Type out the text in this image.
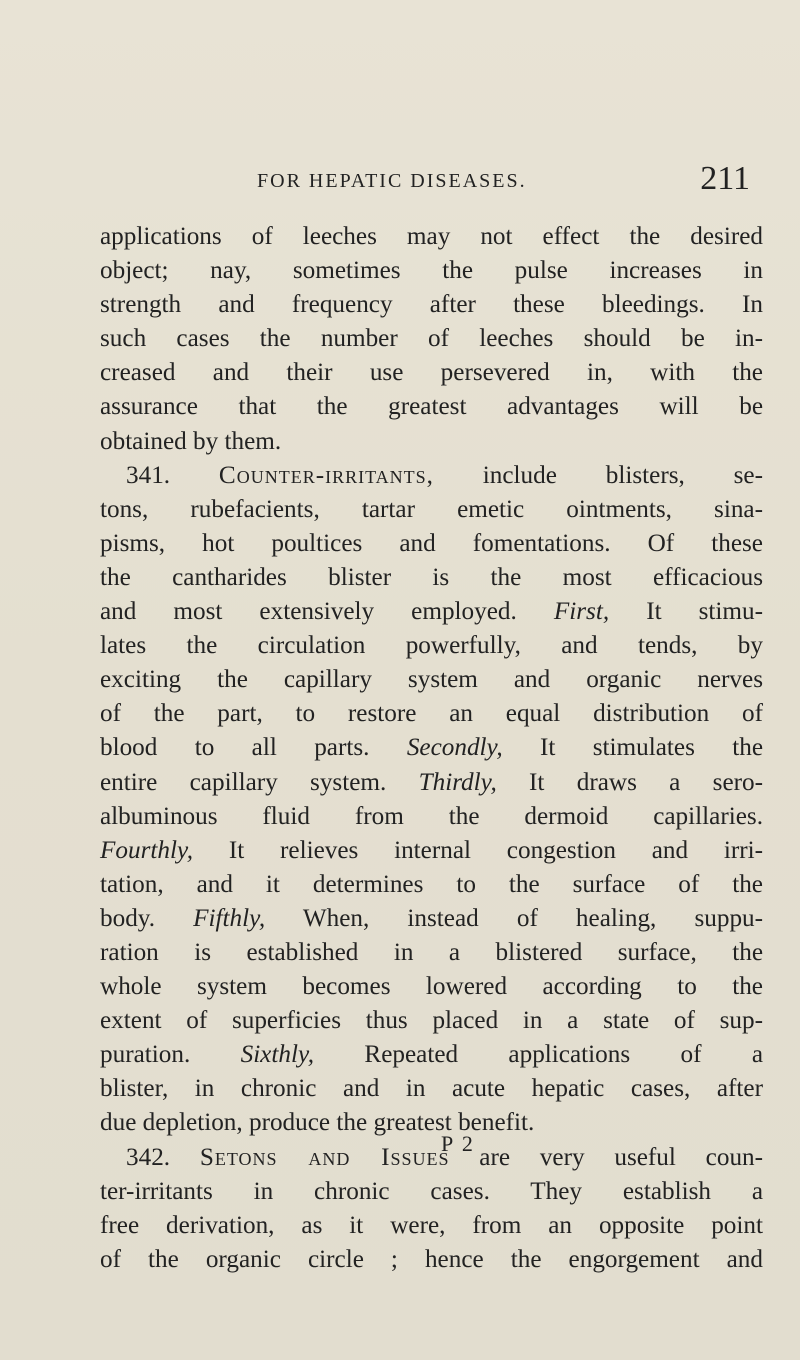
FOR HEPATIC DISEASES.	211
applications of leeches may not effect the desired
object; nay, sometimes the pulse increases in
strength and frequency after these bleedings. In
such cases the number of leeches should be in-
creased and their use persevered in, with the
assurance that the greatest advantages will be
obtained by them.
341. Counter-irritants, include blisters, se-
tons, rubefacients, tartar emetic ointments, sina-
pisms, hot poultices and fomentations. Of these
the cantharides blister is the most efficacious
and most extensively employed. First, It stimu-
lates the circulation powerfully, and tends, by
exciting the capillary system and organic nerves
of the part, to restore an equal distribution of
blood to all parts. Secondly, It stimulates the
entire capillary system. Thirdly, It draws a sero-
albuminous fluid from the dermoid capillaries.
Fourthly, It relieves internal congestion and irri-
tation, and it determines to the surface of the
body. Fifthly, When, instead of healing, suppu-
ration is established in a blistered surface, the
whole system becomes lowered according to the
extent of superficies thus placed in a state of sup-
puration. Sixthly, Repeated applications of a
blister, in chronic and in acute hepatic cases, after
due depletion, produce the greatest benefit.
342. Setons and Issues are very useful coun-
ter-irritants in chronic cases. They establish a
free derivation, as it were, from an opposite point
of the organic circle ; hence the engorgement and
P 2
